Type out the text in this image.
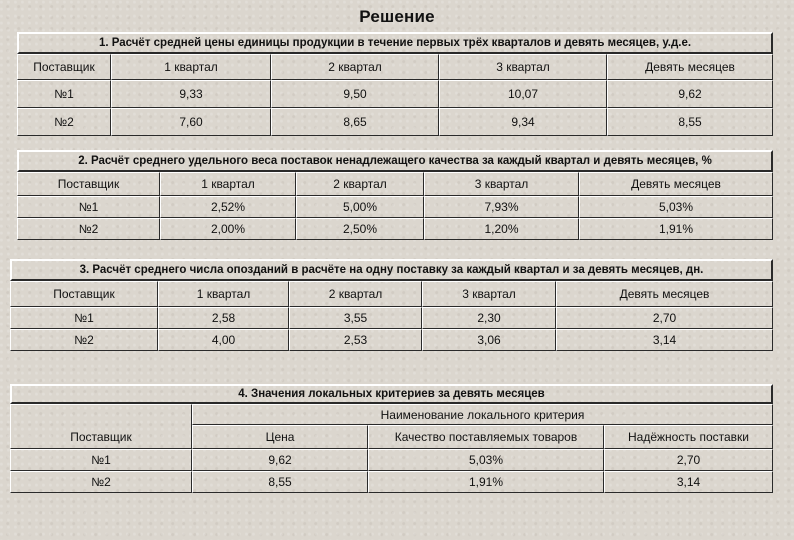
Решение
1. Расчёт средней цены единицы продукции в течение первых трёх кварталов и девять месяцев, у.д.е.
Поставщик	1 квартал	2 квартал	3 квартал	Девять месяцев
№1	9,33	9,50	10,07	9,62
№2	7,60	8,65	9,34	8,55
2. Расчёт среднего удельного веса поставок ненадлежащего качества за каждый квартал и девять месяцев, %
Поставщик	1 квартал	2 квартал	3 квартал	Девять месяцев
№1	2,52%	5,00%	7,93%	5,03%
№2	2,00%	2,50%	1,20%	1,91%
3. Расчёт среднего числа опозданий в расчёте на одну поставку за каждый квартал и за девять месяцев, дн.
Поставщик	1 квартал	2 квартал	3 квартал	Девять месяцев
№1	2,58	3,55	2,30	2,70
№2	4,00	2,53	3,06	3,14
4. Значения локальных критериев за девять месяцев
Поставщик	Наименование локального критерия		
	Цена	Качество поставляемых товаров	Надёжность поставки
№1	9,62	5,03%	2,70
№2	8,55	1,91%	3,14
